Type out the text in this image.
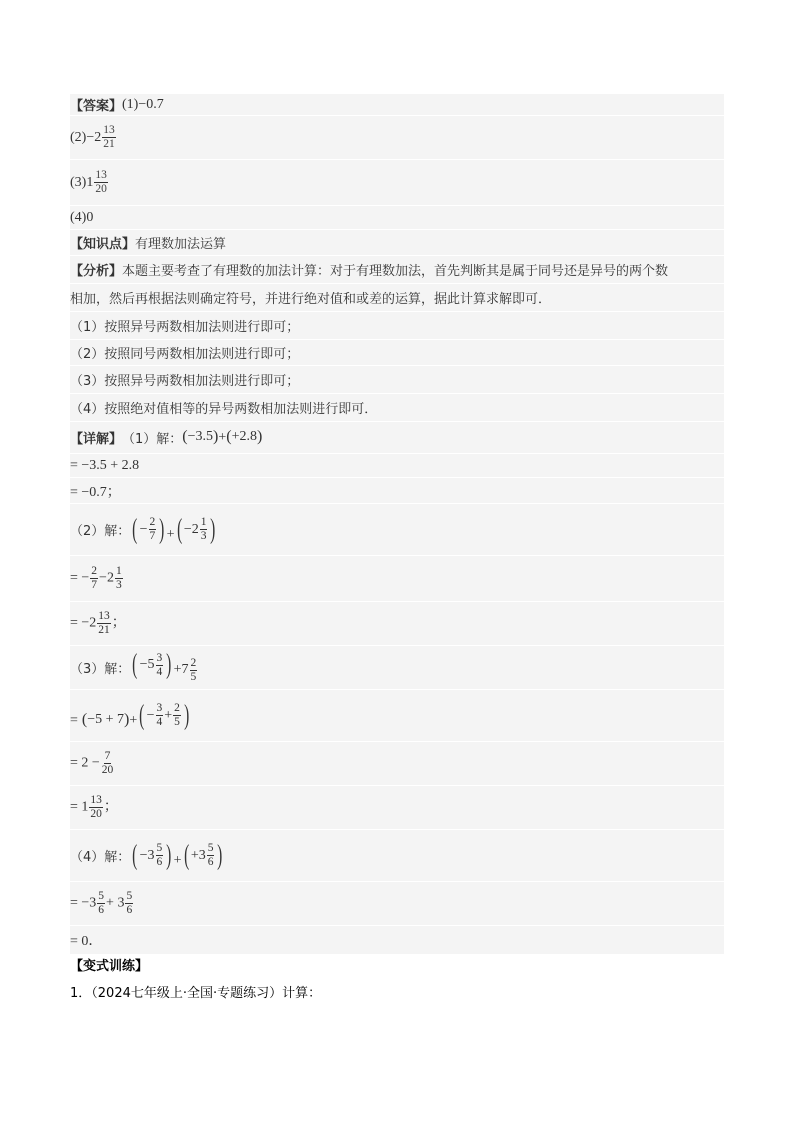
【答案】 (1)−0.7
$(2)-2 \frac{13}{21}$
$(3)1 \frac{13}{20}$
(4)0
【知识点】 有理数加法运算
【分析】 本题主要考查了有理数的加法计算：对于有理数加法，首先判断其是属于同号还是异号的两个数
相加，然后再根据法则确定符号，并进行绝对值和或差的运算，据此计算求解即可．
（1）按照异号两数相加法则进行即可；
（2）按照同号两数相加法则进行即可；
（3）按照异号两数相加法则进行即可；
（4）按照绝对值相等的异号两数相加法则进行即可．
【详解】 （1）解： ( −3.5 ) + ( +2.8 )
= −3.5 + 2.8
= −0.7；
（2）解： ( − $\frac{2}{7}$ ) + ( $-2 \frac{1}{3}$ )
= − $\frac{2}{7} -2 \frac{1}{3}$
= $-2 \frac{13}{21}$ ；
（3）解： ( $-5 \frac{3}{4}$ ) $+7 \frac{2}{5}$
= ( −5 + 7 ) + ( − $\frac{3}{4} + \frac{2}{5}$ )
= $2 - \frac{7}{20}$
= $1 \frac{13}{20}$ ；
（4）解： ( $-3 \frac{5}{6}$ ) + ( $+3 \frac{5}{6}$ )
= $-3 \frac{5}{6} + 3 \frac{5}{6}$
= 0．
【变式训练】
1．（2024七年级上·全国·专题练习）计算：
